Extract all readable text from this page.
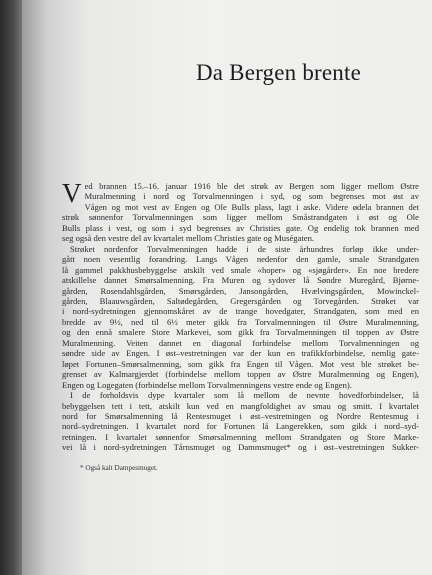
Da Bergen brente
V ed brannen 15.–16. januar 1916 ble det strøk av Bergen som ligger mellom Østre
Muralmenning i nord og Torvalmenningen i syd, og som begrenses mot øst av
Vågen og mot vest av Engen og Ole Bulls plass, lagt i aske. Videre ødela brannen det
strøk sønnenfor Torvalmenningen som ligger mellom Småstrandgaten i øst og Ole
Bulls plass i vest, og som i syd begrenses av Christies gate. Og endelig tok brannen med
seg også den vestre del av kvartalet mellom Christies gate og Muségaten.
Strøket nordenfor Torvalmenningen hadde i de siste århundres forløp ikke under-
gått noen vesentlig forandring. Langs Vågen nedenfor den gamle, smale Strandgaten
lå gammel pakkhusbebyggelse atskilt ved smale «hoper» og «sjøgårder». En noe bredere
atskillelse dannet Smørsalmenning. Fra Muren og sydover lå Søndre Muregård, Bjørne-
gården, Rosendahlsgården, Smørsgården, Jansongården, Hvælvingsgården, Mowinckel-
gården, Blaauwsgården, Saltødegården, Gregersgården og Torvegården. Strøket var
i nord-sydretningen gjennomskåret av de trange hovedgater, Strandgaten, som med en
bredde av 9½, ned til 6½ meter gikk fra Torvalmenningen til Østre Muralmenning,
og den ennå smalere Store Markevei, som gikk fra Torvalmenningen til toppen av Østre
Muralmenning. Veiten dannet en diagonal forbindelse mellom Torvalmenningen og
søndre side av Engen. I øst–vestretningen var der kun en trafikkforbindelse, nemlig gate-
løpet Fortunen–Smørsalmenning, som gikk fra Engen til Vågen. Mot vest ble strøket be-
grenset av Kalmargjerdet (forbindelse mellom toppen av Østre Muralmenning og Engen),
Engen og Logegaten (forbindelse mellom Torvalmenningens vestre ende og Engen).
I de forholdsvis dype kvartaler som lå mellom de nevnte hovedforbindelser, lå
bebyggelsen tett i tett, atskilt kun ved en mangfoldighet av smau og smitt. I kvartalet
nord for Smørsalmenning lå Rentesmuget i øst–vestretningen og Nordre Rentesmug i
nord–sydretningen. I kvartalet nord for Fortunen lå Langerekken, som gikk i nord–syd-
retningen. I kvartalet sønnenfor Smørsalmenning mellom Strandgaten og Store Marke-
vei lå i nord-sydretningen Tårnsmuget og Dammsmuget* og i øst–vestretningen Sukker-
* Også kalt Dampesmuget.
